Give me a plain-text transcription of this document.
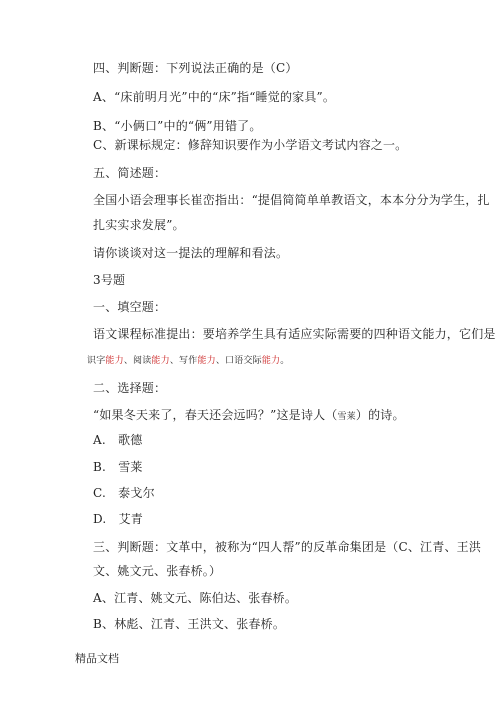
四、判断题：下列说法正确的是（C）
A、“床前明月光”中的“床”指“睡觉的家具”。
B、“小俩口”中的“俩”用错了。
C、新课标规定：修辞知识要作为小学语文考试内容之一。
五、简述题：
全国小语会理事长崔峦指出：“提倡简简单单教语文，本本分分为学生，扎
扎实实求发展”。
请你谈谈对这一提法的理解和看法。
3号题
一、填空题：
语文课程标准提出：要培养学生具有适应实际需要的四种语文能力，它们是
识字能力、阅读能力、写作能力、口语交际能力。
二、选择题：
“如果冬天来了，春天还会远吗？”这是诗人（雪莱）的诗。
A.　歌德
B.　雪莱
C.　泰戈尔
D.　艾青
三、判断题：文革中，被称为“四人帮”的反革命集团是（C、江青、王洪
文、姚文元、张春桥。）
A、江青、姚文元、陈伯达、张春桥。
B、林彪、江青、王洪文、张春桥。
精品文档
